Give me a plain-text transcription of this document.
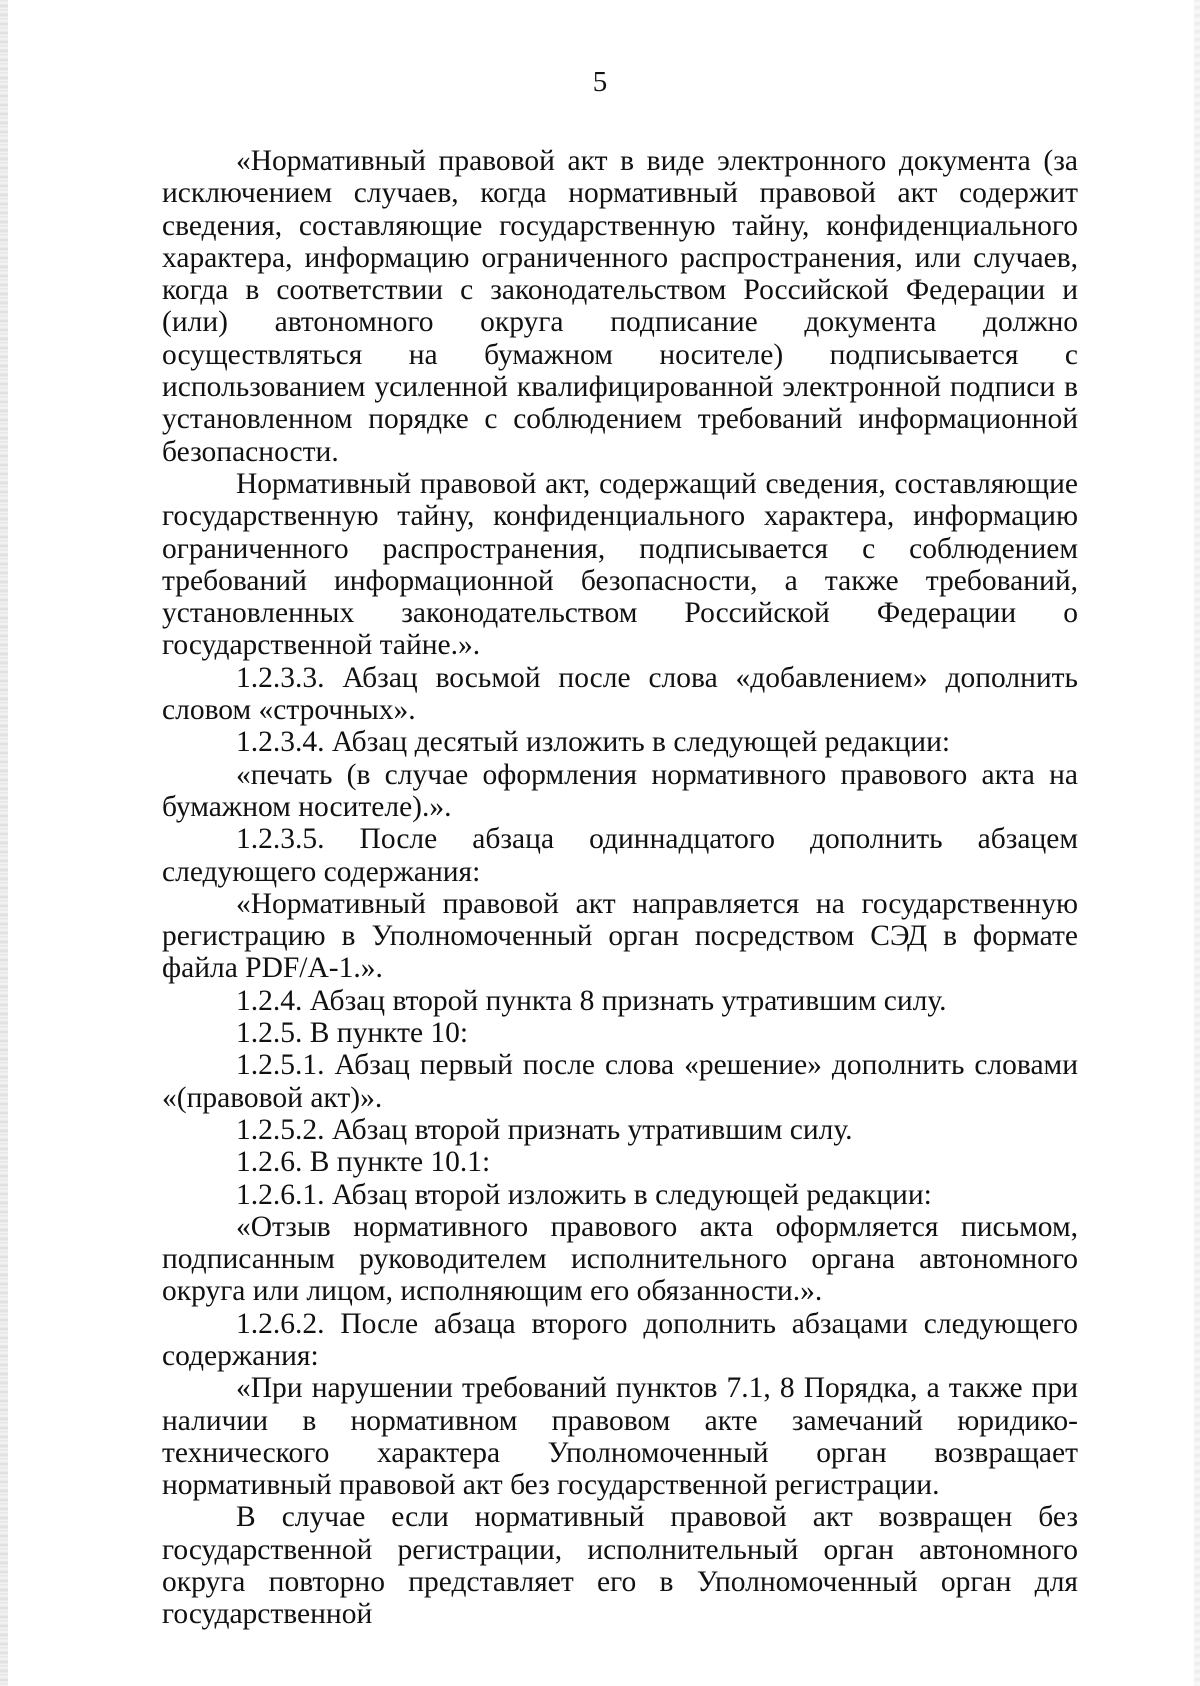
5

«Нормативный правовой акт в виде электронного документа (за исключением случаев, когда нормативный правовой акт содержит сведения, составляющие государственную тайну, конфиденциального характера, информацию ограниченного распространения, или случаев, когда в соответствии с законодательством Российской Федерации и (или) автономного округа подписание документа должно осуществляться на бумажном носителе) подписывается с использованием усиленной квалифицированной электронной подписи в установленном порядке с соблюдением требований информационной безопасности.

Нормативный правовой акт, содержащий сведения, составляющие государственную тайну, конфиденциального характера, информацию ограниченного распространения, подписывается с соблюдением требований информационной безопасности, а также требований, установленных законодательством Российской Федерации о государственной тайне.».

1.2.3.3. Абзац восьмой после слова «добавлением» дополнить словом «строчных».

1.2.3.4. Абзац десятый изложить в следующей редакции:

«печать (в случае оформления нормативного правового акта на бумажном носителе).».

1.2.3.5. После абзаца одиннадцатого дополнить абзацем следующего содержания:

«Нормативный правовой акт направляется на государственную регистрацию в Уполномоченный орган посредством СЭД в формате файла PDF/A-1.».

1.2.4. Абзац второй пункта 8 признать утратившим силу.

1.2.5. В пункте 10:

1.2.5.1. Абзац первый после слова «решение» дополнить словами «(правовой акт)».

1.2.5.2. Абзац второй признать утратившим силу.

1.2.6. В пункте 10.1:

1.2.6.1. Абзац второй изложить в следующей редакции:

«Отзыв нормативного правового акта оформляется письмом, подписанным руководителем исполнительного органа автономного округа или лицом, исполняющим его обязанности.».

1.2.6.2. После абзаца второго дополнить абзацами следующего содержания:

«При нарушении требований пунктов 7.1, 8 Порядка, а также при наличии в нормативном правовом акте замечаний юридико-технического характера Уполномоченный орган возвращает нормативный правовой акт без государственной регистрации.

В случае если нормативный правовой акт возвращен без государственной регистрации, исполнительный орган автономного округа повторно представляет его в Уполномоченный орган для государственной
